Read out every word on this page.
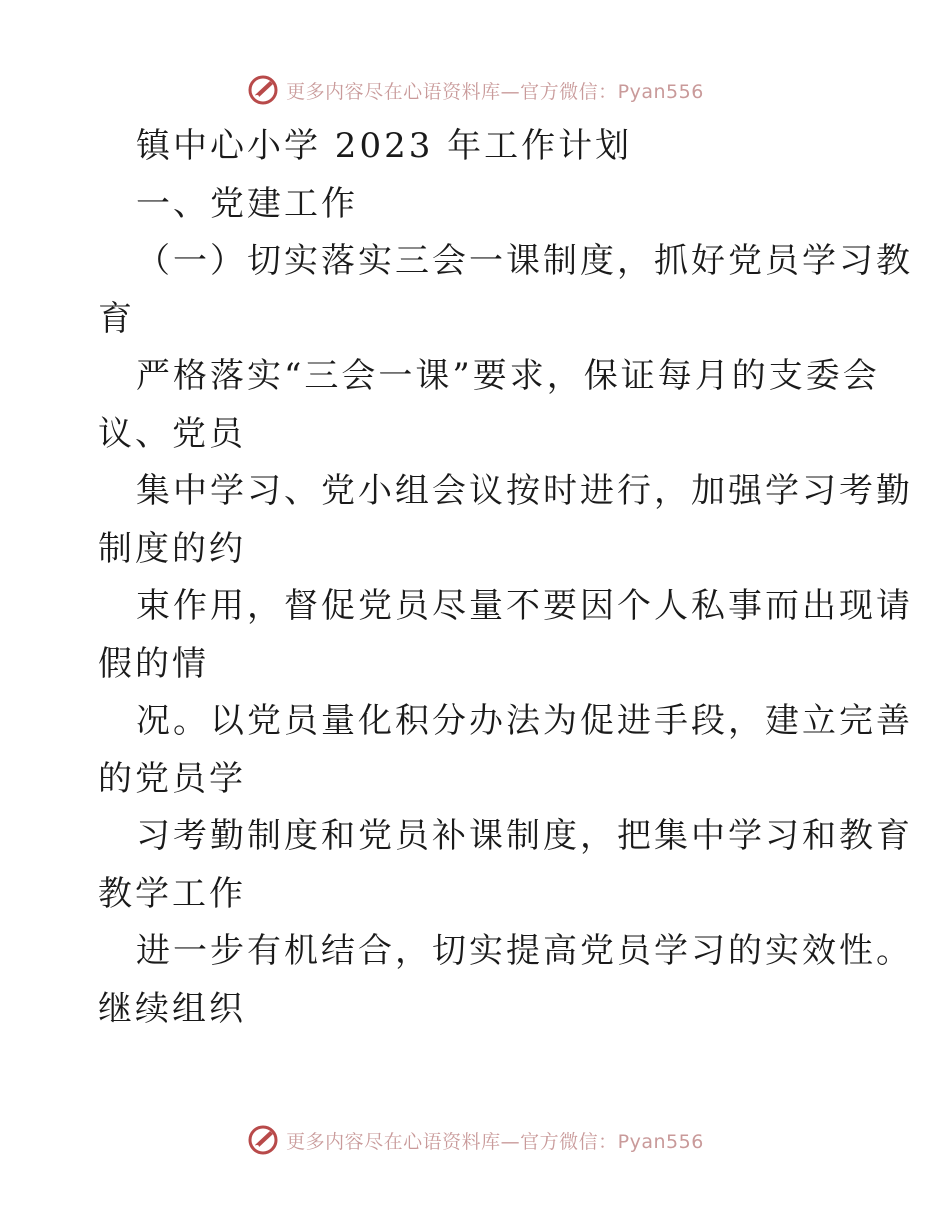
更多内容尽在心语资料库—官方微信：Pyan556
镇中心小学 2023 年工作计划
一、党建工作
（一）切实落实三会一课制度，抓好党员学习教
育
严格落实“三会一课”要求，保证每月的支委会
议、党员
集中学习、党小组会议按时进行，加强学习考勤
制度的约
束作用，督促党员尽量不要因个人私事而出现请
假的情
况。以党员量化积分办法为促进手段，建立完善
的党员学
习考勤制度和党员补课制度，把集中学习和教育
教学工作
进一步有机结合，切实提高党员学习的实效性。
继续组织
更多内容尽在心语资料库—官方微信：Pyan556
